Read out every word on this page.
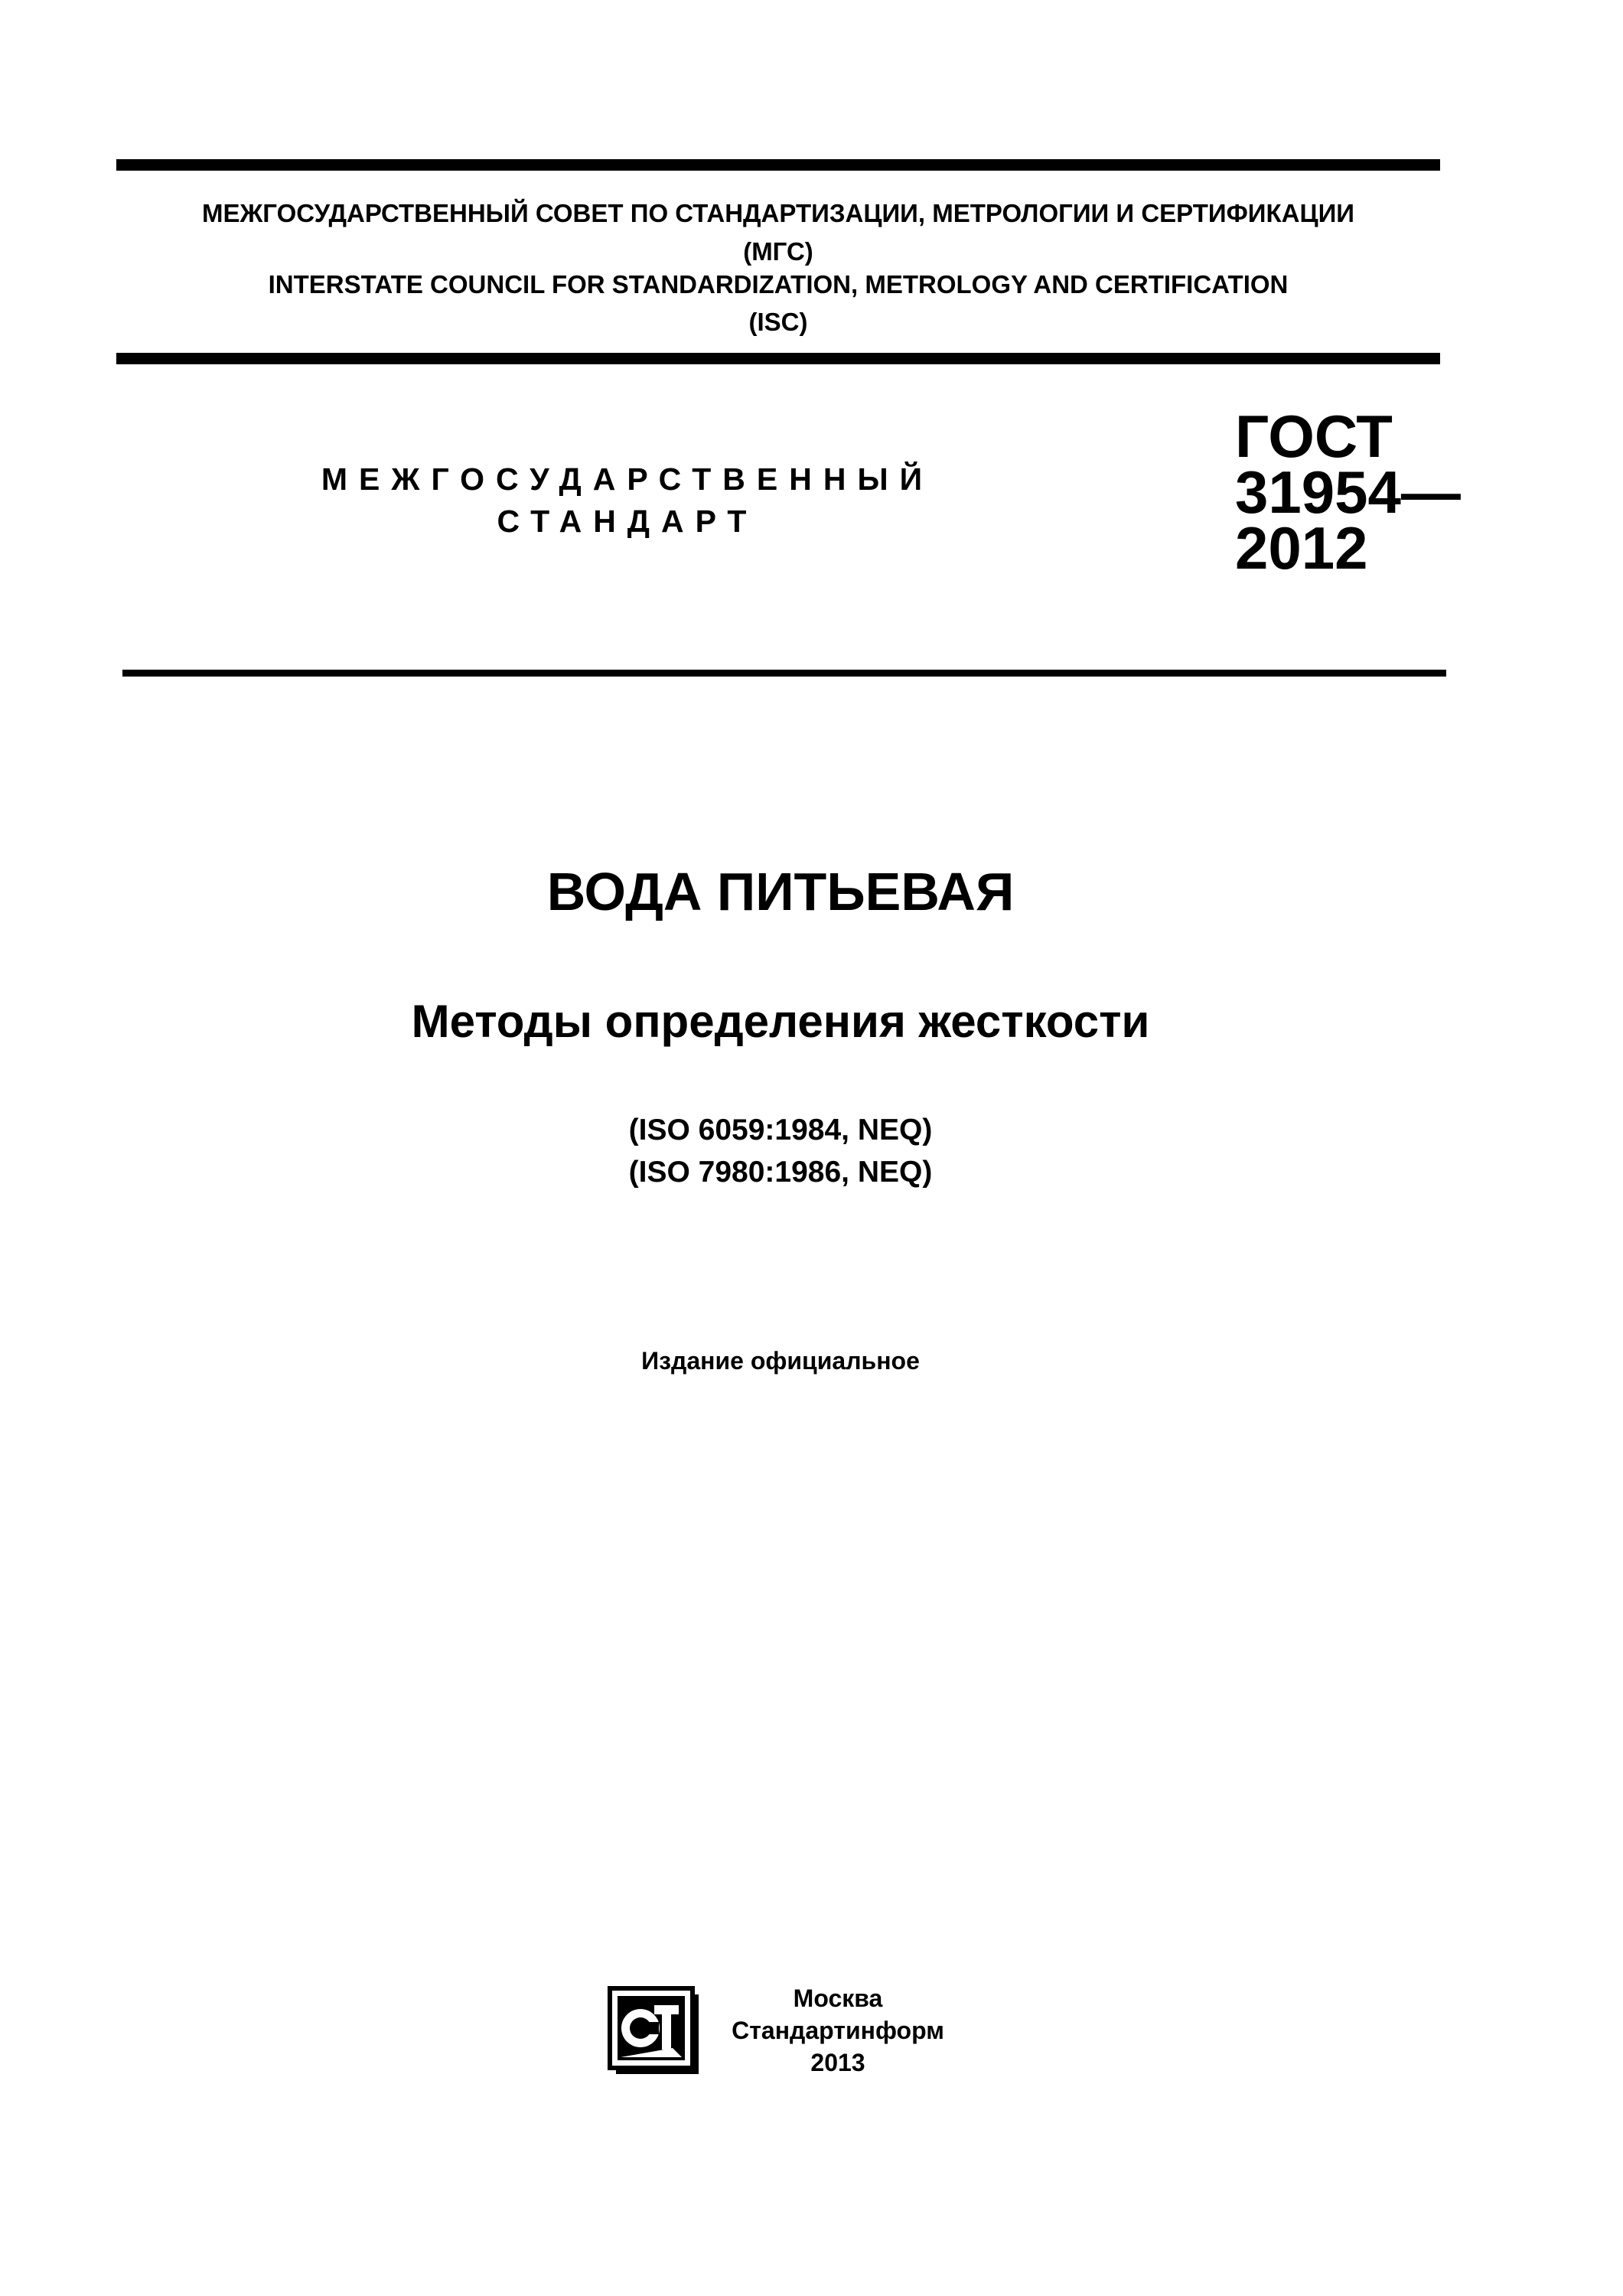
МЕЖГОСУДАРСТВЕННЫЙ СОВЕТ ПО СТАНДАРТИЗАЦИИ, МЕТРОЛОГИИ И СЕРТИФИКАЦИИ
(МГС)
INTERSTATE COUNCIL FOR STANDARDIZATION, METROLOGY AND CERTIFICATION
(ISC)
МЕЖГОСУДАРСТВЕННЫЙ
СТАНДАРТ
ГОСТ
31954—
2012
ВОДА ПИТЬЕВАЯ
Методы определения жесткости
(ISO 6059:1984, NEQ)
(ISO 7980:1986, NEQ)
Издание официальное
Москва
Стандартинформ
2013
